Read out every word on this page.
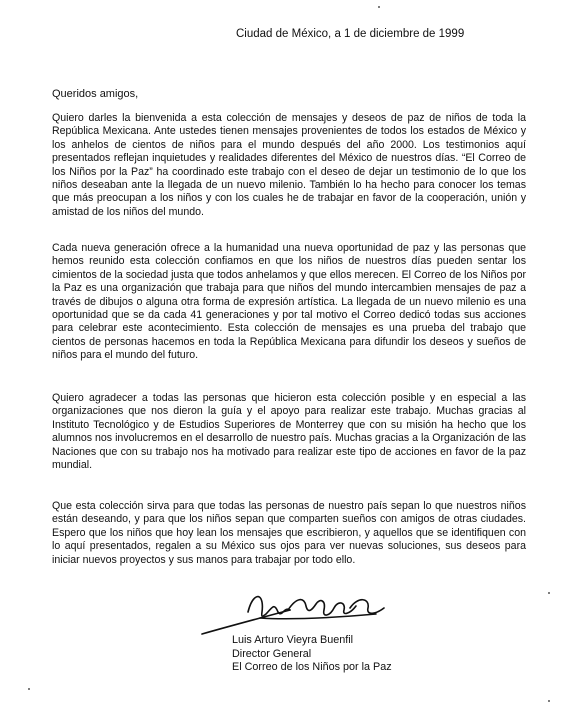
Ciudad de México, a 1 de diciembre de 1999
Queridos amigos,

Quiero darles la bienvenida a esta colección de mensajes y deseos de paz de niños de toda la República Mexicana. Ante ustedes tienen mensajes provenientes de todos los estados de México y los anhelos de cientos de niños para el mundo después del año 2000. Los testimonios aquí presentados reflejan inquietudes y realidades diferentes del México de nuestros días. “El Correo de los Niños por la Paz” ha coordinado este trabajo con el deseo de dejar un testimonio de lo que los niños deseaban ante la llegada de un nuevo milenio. También lo ha hecho para conocer los temas que más preocupan a los niños y con los cuales he de trabajar en favor de la cooperación, unión y amistad de los niños del mundo.

Cada nueva generación ofrece a la humanidad una nueva oportunidad de paz y las personas que hemos reunido esta colección confiamos en que los niños de nuestros días pueden sentar los cimientos de la sociedad justa que todos anhelamos y que ellos merecen. El Correo de los Niños por la Paz es una organización que trabaja para que niños del mundo intercambien mensajes de paz a través de dibujos o alguna otra forma de expresión artística. La llegada de un nuevo milenio es una oportunidad que se da cada 41 generaciones y por tal motivo el Correo dedicó todas sus acciones para celebrar este acontecimiento. Esta colección de mensajes es una prueba del trabajo que cientos de personas hacemos en toda la República Mexicana para difundir los deseos y sueños de niños para el mundo del futuro.

Quiero agradecer a todas las personas que hicieron esta colección posible y en especial a las organizaciones que nos dieron la guía y el apoyo para realizar este trabajo. Muchas gracias al Instituto Tecnológico y de Estudios Superiores de Monterrey que con su misión ha hecho que los alumnos nos involucremos en el desarrollo de nuestro país. Muchas gracias a la Organización de las Naciones que con su trabajo nos ha motivado para realizar este tipo de acciones en favor de la paz mundial.

Que esta colección sirva para que todas las personas de nuestro país sepan lo que nuestros niños están deseando, y para que los niños sepan que comparten sueños con amigos de otras ciudades. Espero que los niños que hoy lean los mensajes que escribieron, y aquellos que se identifiquen con lo aquí presentados, regalen a su México sus ojos para ver nuevas soluciones, sus deseos para iniciar nuevos proyectos y sus manos para trabajar por todo ello.

Luis Arturo Vieyra Buenfil
Director General
El Correo de los Niños por la Paz
